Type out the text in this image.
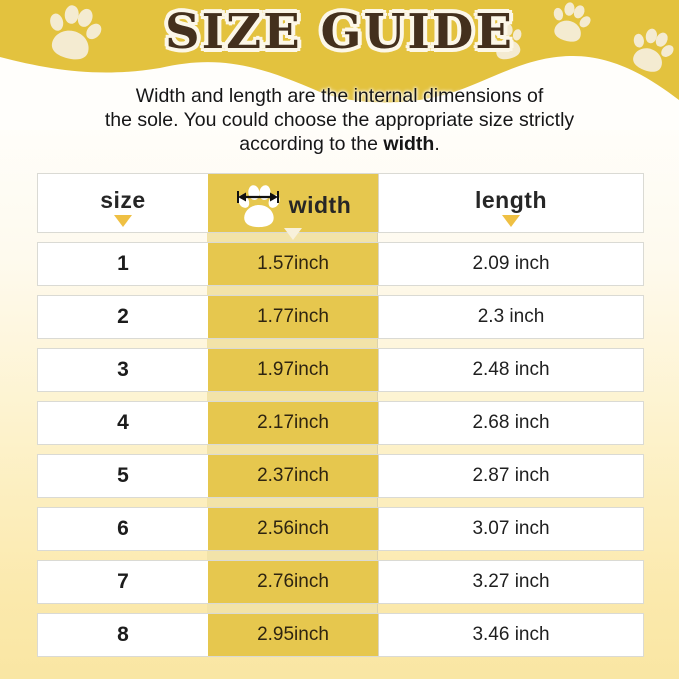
SIZE GUIDE
Width and length are the internal dimensions of
the sole. You could choose the appropriate size strictly
according to the width.
size	width	length
1	1.57inch	2.09 inch
2	1.77inch	2.3 inch
3	1.97inch	2.48 inch
4	2.17inch	2.68 inch
5	2.37inch	2.87 inch
6	2.56inch	3.07 inch
7	2.76inch	3.27 inch
8	2.95inch	3.46 inch
